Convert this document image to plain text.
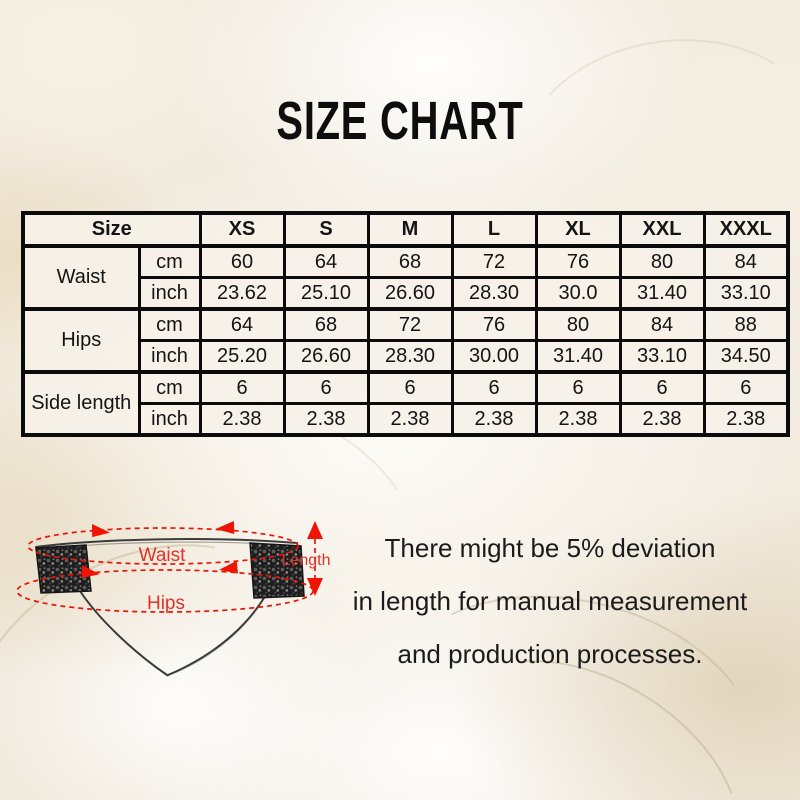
SIZE CHART
Size		XS	S	M	L	XL	XXL	XXXL
Waist	cm	60	64	68	72	76	80	84
	inch	23.62	25.10	26.60	28.30	30.0	31.40	33.10
Hips	cm	64	68	72	76	80	84	88
	inch	25.20	26.60	28.30	30.00	31.40	33.10	34.50
Side length	cm	6	6	6	6	6	6	6
	inch	2.38	2.38	2.38	2.38	2.38	2.38	2.38
Waist
Hips
Length	There might be 5% deviation
in length for manual measurement
and production processes.
